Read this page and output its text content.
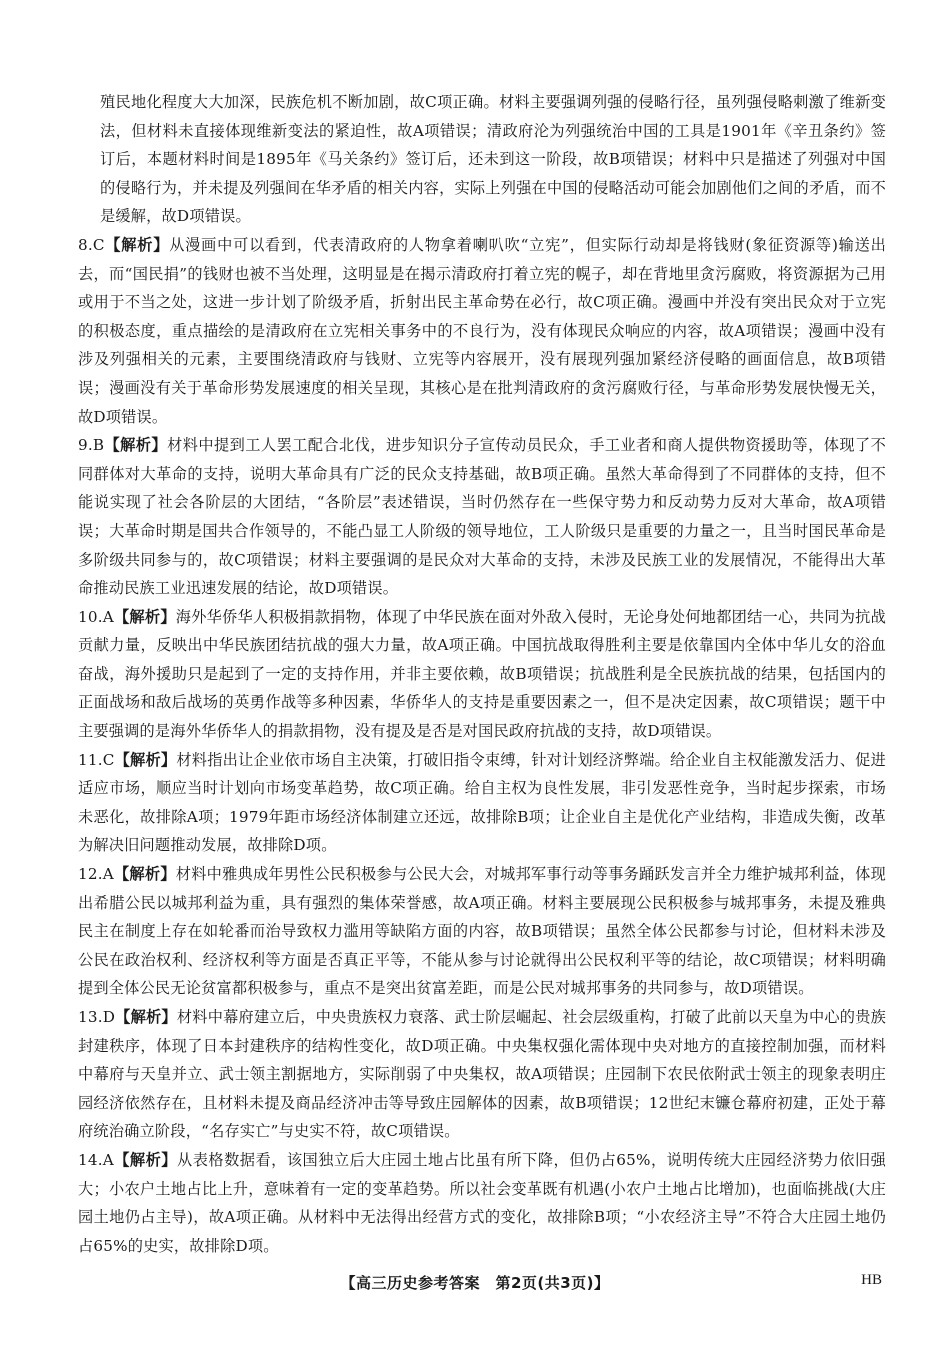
殖民地化程度大大加深，民族危机不断加剧，故C项正确。材料主要强调列强的侵略行径，虽列强侵略刺激了维新变法，但材料未直接体现维新变法的紧迫性，故A项错误；清政府沦为列强统治中国的工具是1901年《辛丑条约》签订后，本题材料时间是1895年《马关条约》签订后，还未到这一阶段，故B项错误；材料中只是描述了列强对中国的侵略行为，并未提及列强间在华矛盾的相关内容，实际上列强在中国的侵略活动可能会加剧他们之间的矛盾，而不是缓解，故D项错误。

8.C【解析】从漫画中可以看到，代表清政府的人物拿着喇叭吹“立宪”，但实际行动却是将钱财(象征资源等)输送出去，而“国民捐”的钱财也被不当处理，这明显是在揭示清政府打着立宪的幌子，却在背地里贪污腐败，将资源据为己用或用于不当之处，这进一步计划了阶级矛盾，折射出民主革命势在必行，故C项正确。漫画中并没有突出民众对于立宪的积极态度，重点描绘的是清政府在立宪相关事务中的不良行为，没有体现民众响应的内容，故A项错误；漫画中没有涉及列强相关的元素，主要围绕清政府与钱财、立宪等内容展开，没有展现列强加紧经济侵略的画面信息，故B项错误；漫画没有关于革命形势发展速度的相关呈现，其核心是在批判清政府的贪污腐败行径，与革命形势发展快慢无关，故D项错误。

9.B【解析】材料中提到工人罢工配合北伐，进步知识分子宣传动员民众，手工业者和商人提供物资援助等，体现了不同群体对大革命的支持，说明大革命具有广泛的民众支持基础，故B项正确。虽然大革命得到了不同群体的支持，但不能说实现了社会各阶层的大团结，“各阶层”表述错误，当时仍然存在一些保守势力和反动势力反对大革命，故A项错误；大革命时期是国共合作领导的，不能凸显工人阶级的领导地位，工人阶级只是重要的力量之一，且当时国民革命是多阶级共同参与的，故C项错误；材料主要强调的是民众对大革命的支持，未涉及民族工业的发展情况，不能得出大革命推动民族工业迅速发展的结论，故D项错误。

10.A【解析】海外华侨华人积极捐款捐物，体现了中华民族在面对外敌入侵时，无论身处何地都团结一心，共同为抗战贡献力量，反映出中华民族团结抗战的强大力量，故A项正确。中国抗战取得胜利主要是依靠国内全体中华儿女的浴血奋战，海外援助只是起到了一定的支持作用，并非主要依赖，故B项错误；抗战胜利是全民族抗战的结果，包括国内的正面战场和敌后战场的英勇作战等多种因素，华侨华人的支持是重要因素之一，但不是决定因素，故C项错误；题干中主要强调的是海外华侨华人的捐款捐物，没有提及是否是对国民政府抗战的支持，故D项错误。

11.C【解析】材料指出让企业依市场自主决策，打破旧指令束缚，针对计划经济弊端。给企业自主权能激发活力、促进适应市场，顺应当时计划向市场变革趋势，故C项正确。给自主权为良性发展，非引发恶性竞争，当时起步探索，市场未恶化，故排除A项；1979年距市场经济体制建立还远，故排除B项；让企业自主是优化产业结构，非造成失衡，改革为解决旧问题推动发展，故排除D项。

12.A【解析】材料中雅典成年男性公民积极参与公民大会，对城邦军事行动等事务踊跃发言并全力维护城邦利益，体现出希腊公民以城邦利益为重，具有强烈的集体荣誉感，故A项正确。材料主要展现公民积极参与城邦事务，未提及雅典民主在制度上存在如轮番而治导致权力滥用等缺陷方面的内容，故B项错误；虽然全体公民都参与讨论，但材料未涉及公民在政治权利、经济权利等方面是否真正平等，不能从参与讨论就得出公民权利平等的结论，故C项错误；材料明确提到全体公民无论贫富都积极参与，重点不是突出贫富差距，而是公民对城邦事务的共同参与，故D项错误。

13.D【解析】材料中幕府建立后，中央贵族权力衰落、武士阶层崛起、社会层级重构，打破了此前以天皇为中心的贵族封建秩序，体现了日本封建秩序的结构性变化，故D项正确。中央集权强化需体现中央对地方的直接控制加强，而材料中幕府与天皇并立、武士领主割据地方，实际削弱了中央集权，故A项错误；庄园制下农民依附武士领主的现象表明庄园经济依然存在，且材料未提及商品经济冲击等导致庄园解体的因素，故B项错误；12世纪末镰仓幕府初建，正处于幕府统治确立阶段，“名存实亡”与史实不符，故C项错误。

14.A【解析】从表格数据看，该国独立后大庄园土地占比虽有所下降，但仍占65%，说明传统大庄园经济势力依旧强大；小农户土地占比上升，意味着有一定的变革趋势。所以社会变革既有机遇(小农户土地占比增加)，也面临挑战(大庄园土地仍占主导)，故A项正确。从材料中无法得出经营方式的变化，故排除B项；“小农经济主导”不符合大庄园土地仍占65%的史实，故排除D项。

【高三历史参考答案　第2页(共3页)】	HB
